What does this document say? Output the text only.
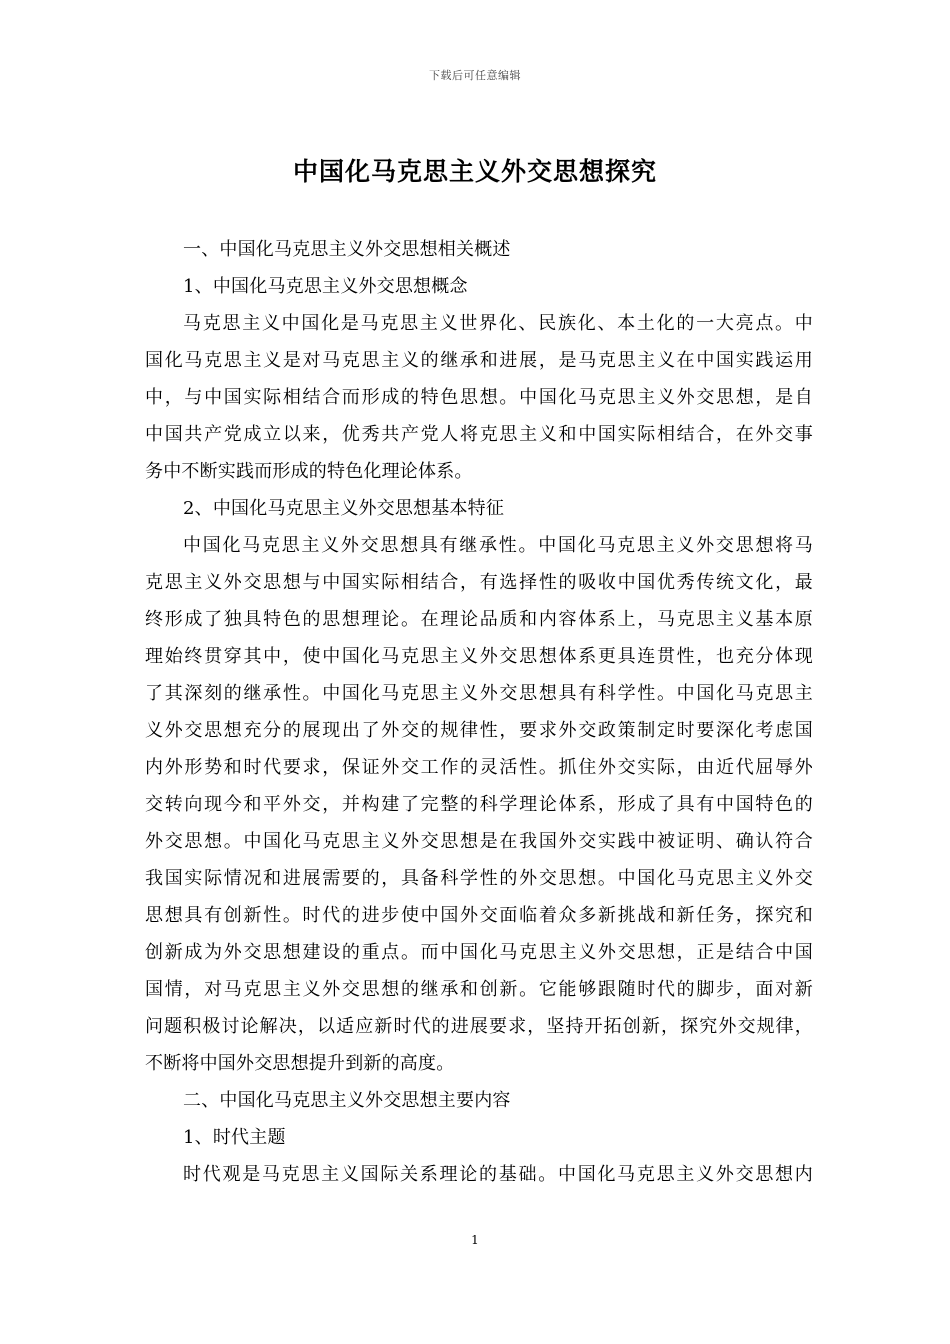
下载后可任意编辑
中国化马克思主义外交思想探究
一、中国化马克思主义外交思想相关概述
1、中国化马克思主义外交思想概念
马克思主义中国化是马克思主义世界化、民族化、本土化的一大亮点。中
国化马克思主义是对马克思主义的继承和进展，是马克思主义在中国实践运用
中，与中国实际相结合而形成的特色思想。中国化马克思主义外交思想，是自
中国共产党成立以来，优秀共产党人将克思主义和中国实际相结合，在外交事
务中不断实践而形成的特色化理论体系。
2、中国化马克思主义外交思想基本特征
中国化马克思主义外交思想具有继承性。中国化马克思主义外交思想将马
克思主义外交思想与中国实际相结合，有选择性的吸收中国优秀传统文化，最
终形成了独具特色的思想理论。在理论品质和内容体系上，马克思主义基本原
理始终贯穿其中，使中国化马克思主义外交思想体系更具连贯性，也充分体现
了其深刻的继承性。中国化马克思主义外交思想具有科学性。中国化马克思主
义外交思想充分的展现出了外交的规律性，要求外交政策制定时要深化考虑国
内外形势和时代要求，保证外交工作的灵活性。抓住外交实际，由近代屈辱外
交转向现今和平外交，并构建了完整的科学理论体系，形成了具有中国特色的
外交思想。中国化马克思主义外交思想是在我国外交实践中被证明、确认符合
我国实际情况和进展需要的，具备科学性的外交思想。中国化马克思主义外交
思想具有创新性。时代的进步使中国外交面临着众多新挑战和新任务，探究和
创新成为外交思想建设的重点。而中国化马克思主义外交思想，正是结合中国
国情，对马克思主义外交思想的继承和创新。它能够跟随时代的脚步，面对新
问题积极讨论解决，以适应新时代的进展要求，坚持开拓创新，探究外交规律，
不断将中国外交思想提升到新的高度。
二、中国化马克思主义外交思想主要内容
1、时代主题
时代观是马克思主义国际关系理论的基础。中国化马克思主义外交思想内
1
